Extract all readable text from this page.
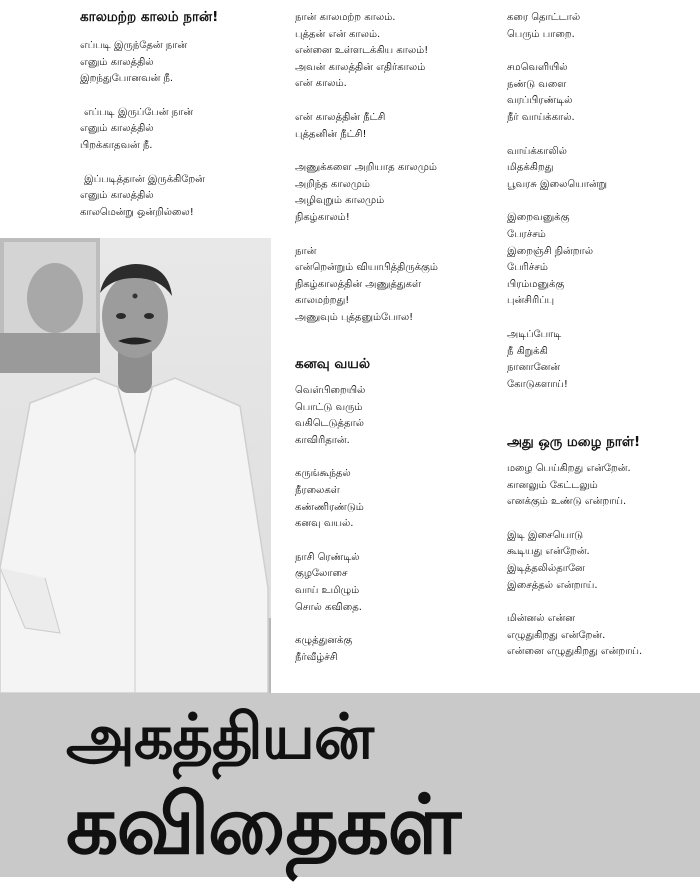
காலமற்ற காலம் நான்!
எப்படி இருந்தேன் நான்
எனும் காலத்தில்
இறந்துபோனவன் நீ.
எப்படி இருப்பேன் நான்
எனும் காலத்தில்
பிறக்காதவன் நீ.
இப்படித்தான் இருக்கிறேன்
எனும் காலத்தில்
காலமென்று ஒன்றில்லை!
நான் காலமற்ற காலம்.
புத்தன் என் காலம்.
என்னை உள்ளடக்கிய காலம்!
அவன் காலத்தின் எதிர்காலம்
என் காலம்.
என் காலத்தின் நீட்சி
புத்தனின் நீட்சி!
அணுக்களை அறியாத காலமும்
அறிந்த காலமும்
அழிவுறும் காலமும்
நிகழ்காலம்!
நான்
என்றென்றும் வியாபித்திருக்கும்
நிகழ்காலத்தின் அணுத்துகள்
காலமற்றது!
அணுவும் புத்தனும்போல!
கனவு வயல்
வெள்பிறையில்
பொட்டு வரும்
வகிடெடுத்தால்
காவிரிதான்.
கருங்கூந்தல்
நீரலைகள்
கண்ணிரண்டும்
கனவு வயல்.
நாசி ரெண்டில்
குழலோசை
வாய் உமிழும்
சொல் கவிதை.
கழுத்துனக்கு
நீர்வீழ்ச்சி
கரை தொட்டால்
பெரும் பாறை.
சமவெளியில்
நண்டு வளை
வரப்பிரண்டில்
நீர் வாய்க்கால்.
வாய்க்காலில்
மிதக்கிறது
பூவரசு இலையொன்று
இறைவனுக்கு
பேரச்சம்
இறைஞ்சி நின்றால்
பேரிச்சம்
பிரம்மனுக்கு
புன்சிரிப்பு
அடிப்போடி
நீ கிறுக்கி
நானானேன்
கோடுகளாய்!
அது ஒரு மழை நாள்!
மழை பெய்கிறது என்றேன்.
கானலும் கேட்டலும்
எனக்கும் உண்டு என்றாய்.
இடி இசையொடு
கூடியது என்றேன்.
இடித்தலில்தானே
இசைத்தல் என்றாய்.
மின்னல் என்ன
எழுதுகிறது என்றேன்.
என்னை எழுதுகிறது என்றாய்.
அகத்தியன்
கவிதைகள்
